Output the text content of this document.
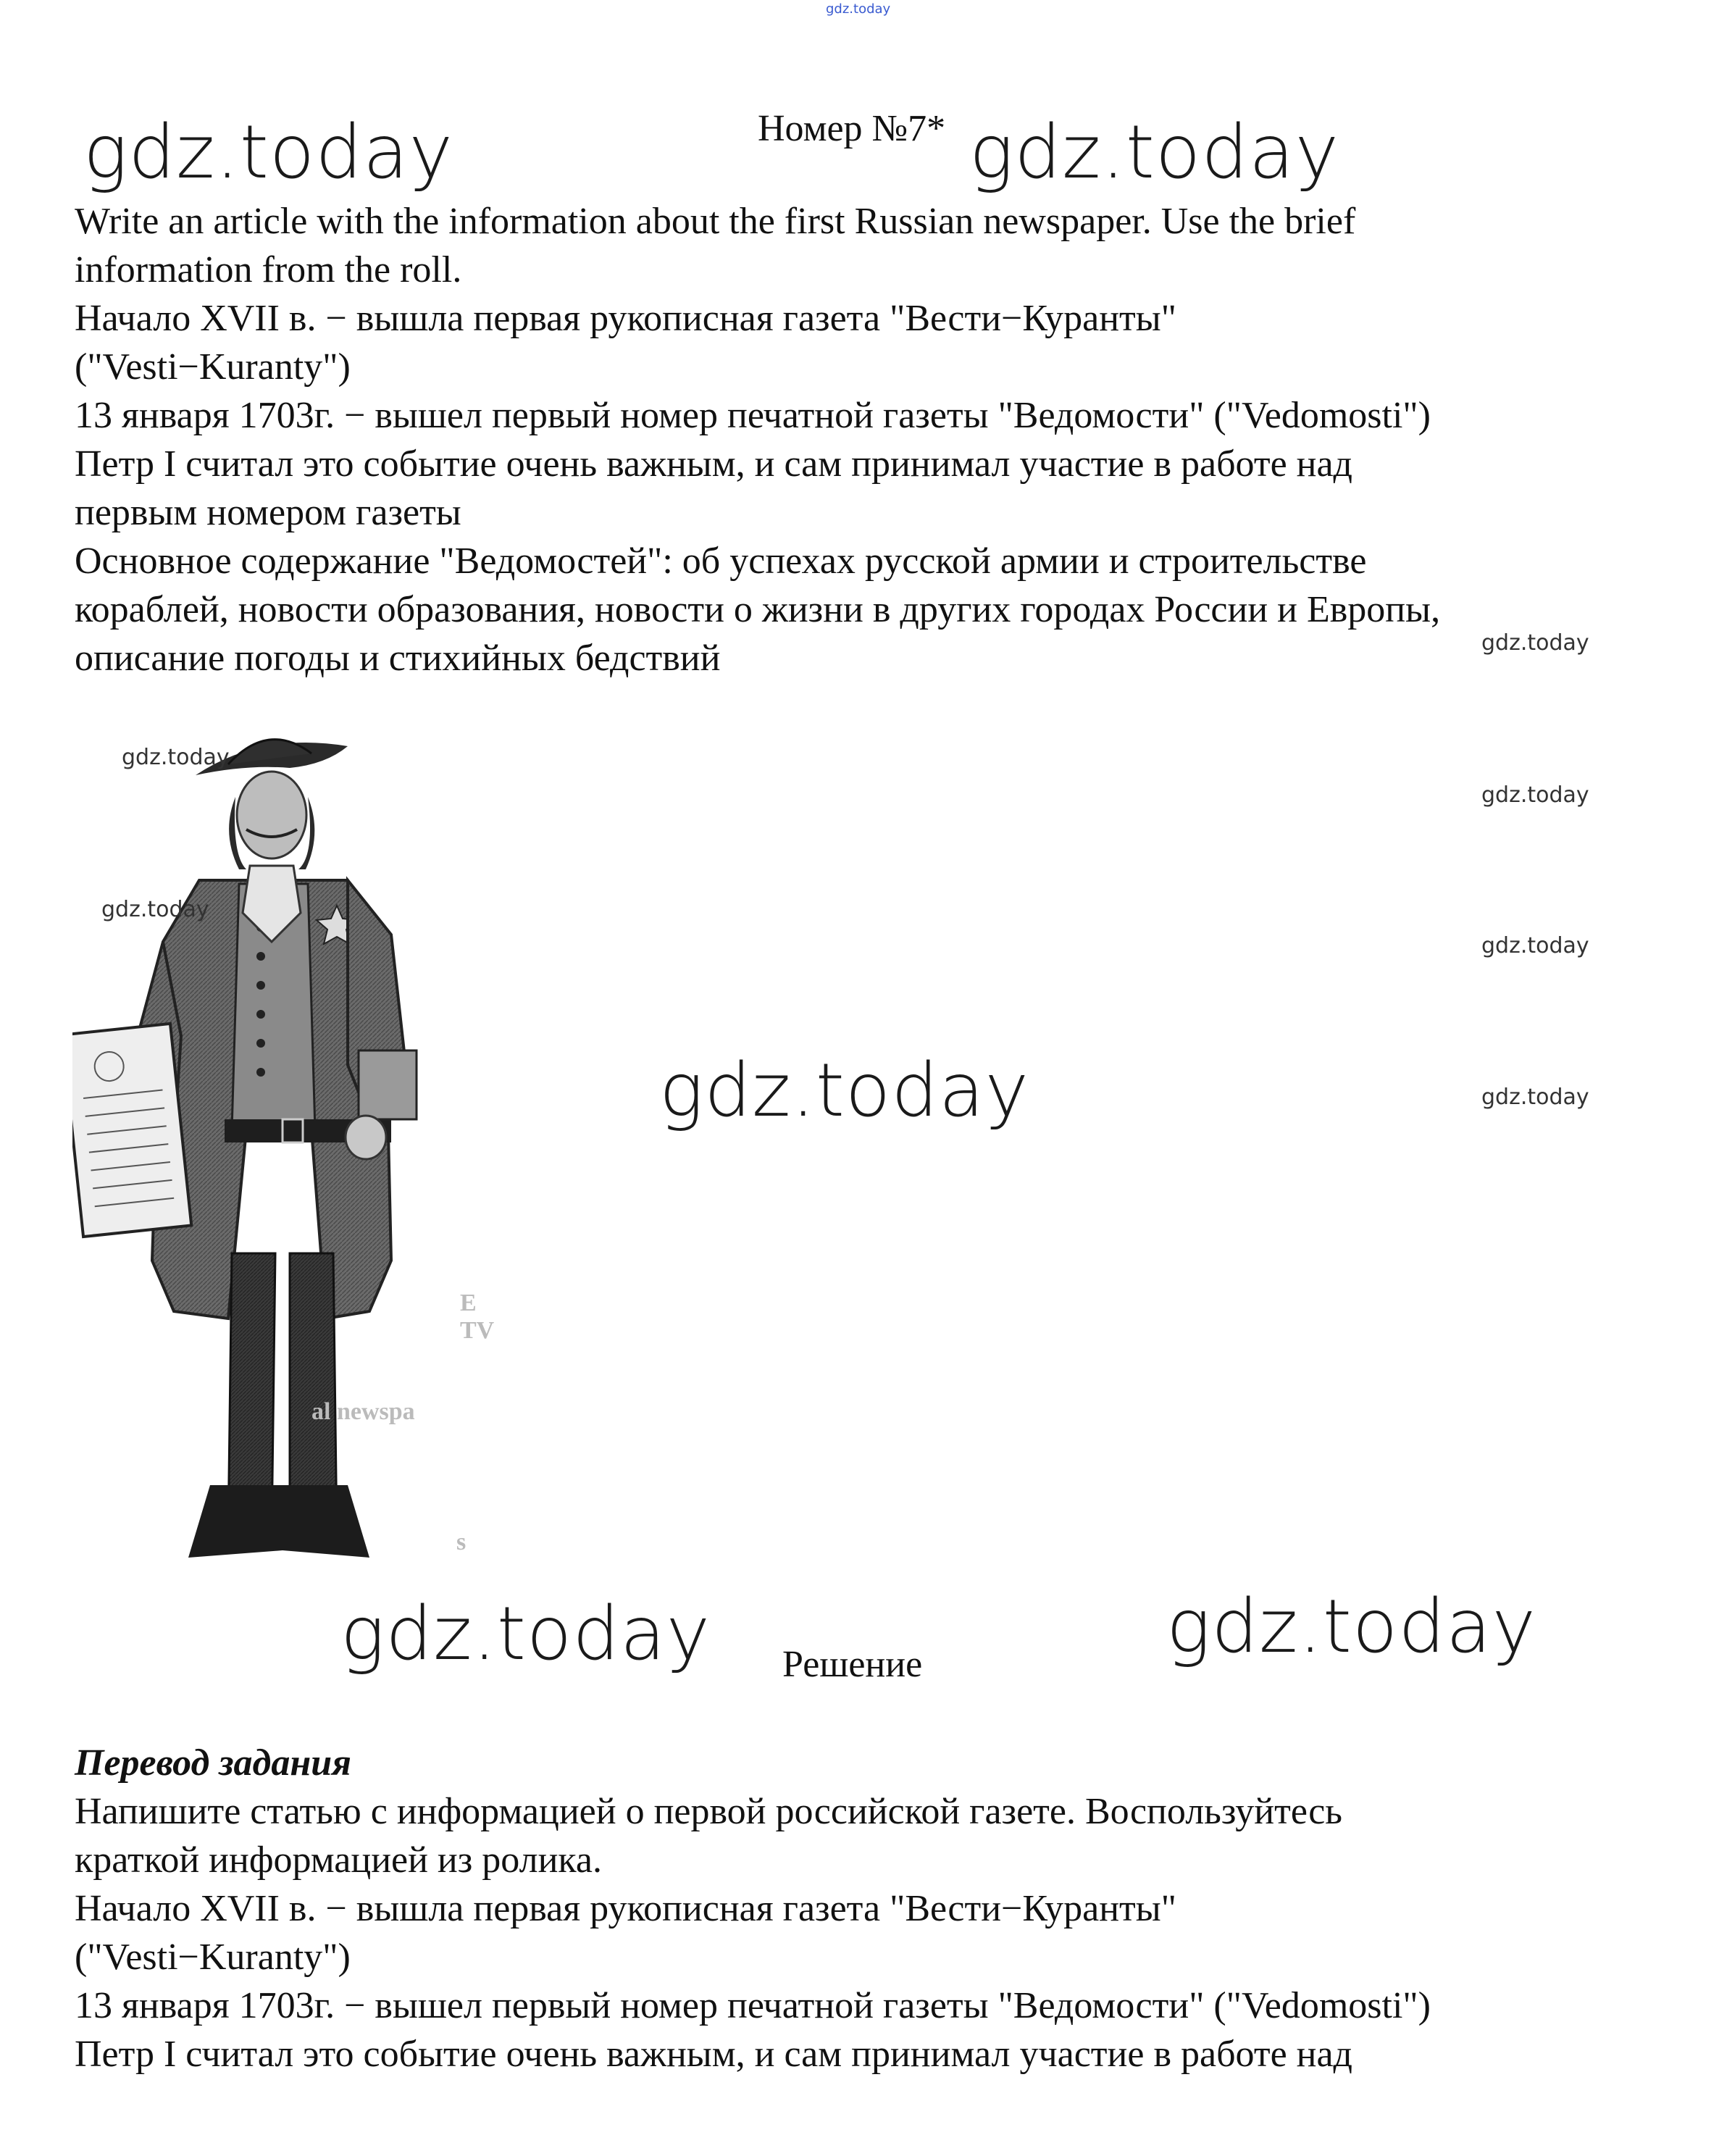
gdz.today
gdz.today	gdz.today
gdz.today
gdz.today
gdz.today
Номер №7*

Write an article with the information about the first Russian newspaper. Use the brief

information from the roll.

Начало XVII в. − вышла первая рукописная газета "Вести−Куранты"

("Vesti−Kuranty")

13 января 1703г. − вышел первый номер печатной газеты "Ведомости" ("Vedomosti")

Петр I считал это событие очень важным, и сам принимал участие в работе над

первым номером газеты

Основное содержание "Ведомостей": об успехах русской армии и строительстве

кораблей, новости образования, новости о жизни в других городах России и Европы,

описание погоды и стихийных бедствий	gdz.today
gdz.today
gdz.today
gdz.today
E TV
al newspa
s
gdz.today
gdz.today
Решение

Перевод задания

Напишите статью с информацией о первой российской газете. Воспользуйтесь

краткой информацией из ролика.

Начало XVII в. − вышла первая рукописная газета "Вести−Куранты"

("Vesti−Kuranty")

13 января 1703г. − вышел первый номер печатной газеты "Ведомости" ("Vedomosti")

Петр I считал это событие очень важным, и сам принимал участие в работе над
